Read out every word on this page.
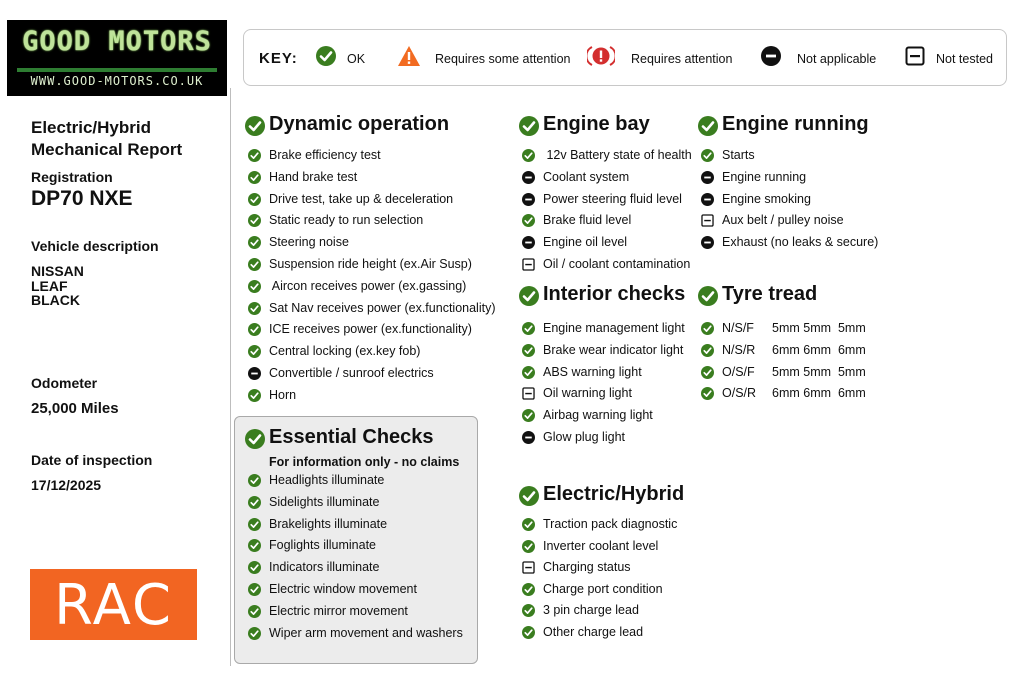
GOOD MOTORS
WWW.GOOD-MOTORS.CO.UK
Electric/Hybrid
Mechanical Report
Registration
DP70 NXE
Vehicle description
NISSAN
LEAF
BLACK
Odometer
25,000 Miles
Date of inspection
17/12/2025
RAC
KEY:	OK	Requires some attention	Requires attention	Not applicable	Not tested
Dynamic operation
Brake efficiency test
Hand brake test
Drive test, take up & deceleration
Static ready to run selection
Steering noise
Suspension ride height (ex.Air Susp)
Aircon receives power (ex.gassing)
Sat Nav receives power (ex.functionality)
ICE receives power (ex.functionality)
Central locking (ex.key fob)
Convertible / sunroof electrics
Horn
Essential Checks
For information only - no claims
Headlights illuminate
Sidelights illuminate
Brakelights illuminate
Foglights illuminate
Indicators illuminate
Electric window movement
Electric mirror movement
Wiper arm movement and washers
Engine bay
12v Battery state of health
Coolant system
Power steering fluid level
Brake fluid level
Engine oil level
Oil / coolant contamination
Interior checks
Engine management light
Brake wear indicator light
ABS warning light
Oil warning light
Airbag warning light
Glow plug light
Electric/Hybrid
Traction pack diagnostic
Inverter coolant level
Charging status
Charge port condition
3 pin charge lead
Other charge lead
Engine running
Starts
Engine running
Engine smoking
Aux belt / pulley noise
Exhaust (no leaks & secure)
Tyre tread
N/S/F 5mm 5mm  5mm
N/S/R 6mm 6mm  6mm
O/S/F 5mm 5mm  5mm
O/S/R 6mm 6mm  6mm
